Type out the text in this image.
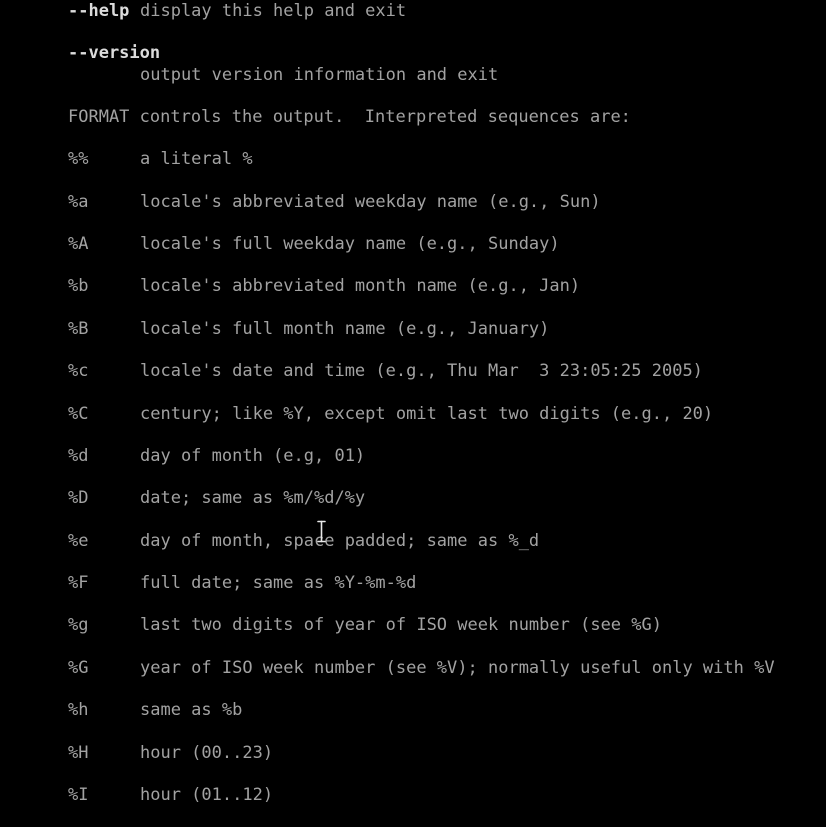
--help display this help and exit
--version
output version information and exit
FORMAT controls the output.  Interpreted sequences are:
%%	a literal %
%a	locale's abbreviated weekday name (e.g., Sun)
%A	locale's full weekday name (e.g., Sunday)
%b	locale's abbreviated month name (e.g., Jan)
%B	locale's full month name (e.g., January)
%c	locale's date and time (e.g., Thu Mar  3 23:05:25 2005)
%C	century; like %Y, except omit last two digits (e.g., 20)
%d	day of month (e.g, 01)
%D	date; same as %m/%d/%y
%e	day of month, space padded; same as %_d
%F	full date; same as %Y-%m-%d
%g	last two digits of year of ISO week number (see %G)
%G	year of ISO week number (see %V); normally useful only with %V
%h	same as %b
%H	hour (00..23)
%I	hour (01..12)
